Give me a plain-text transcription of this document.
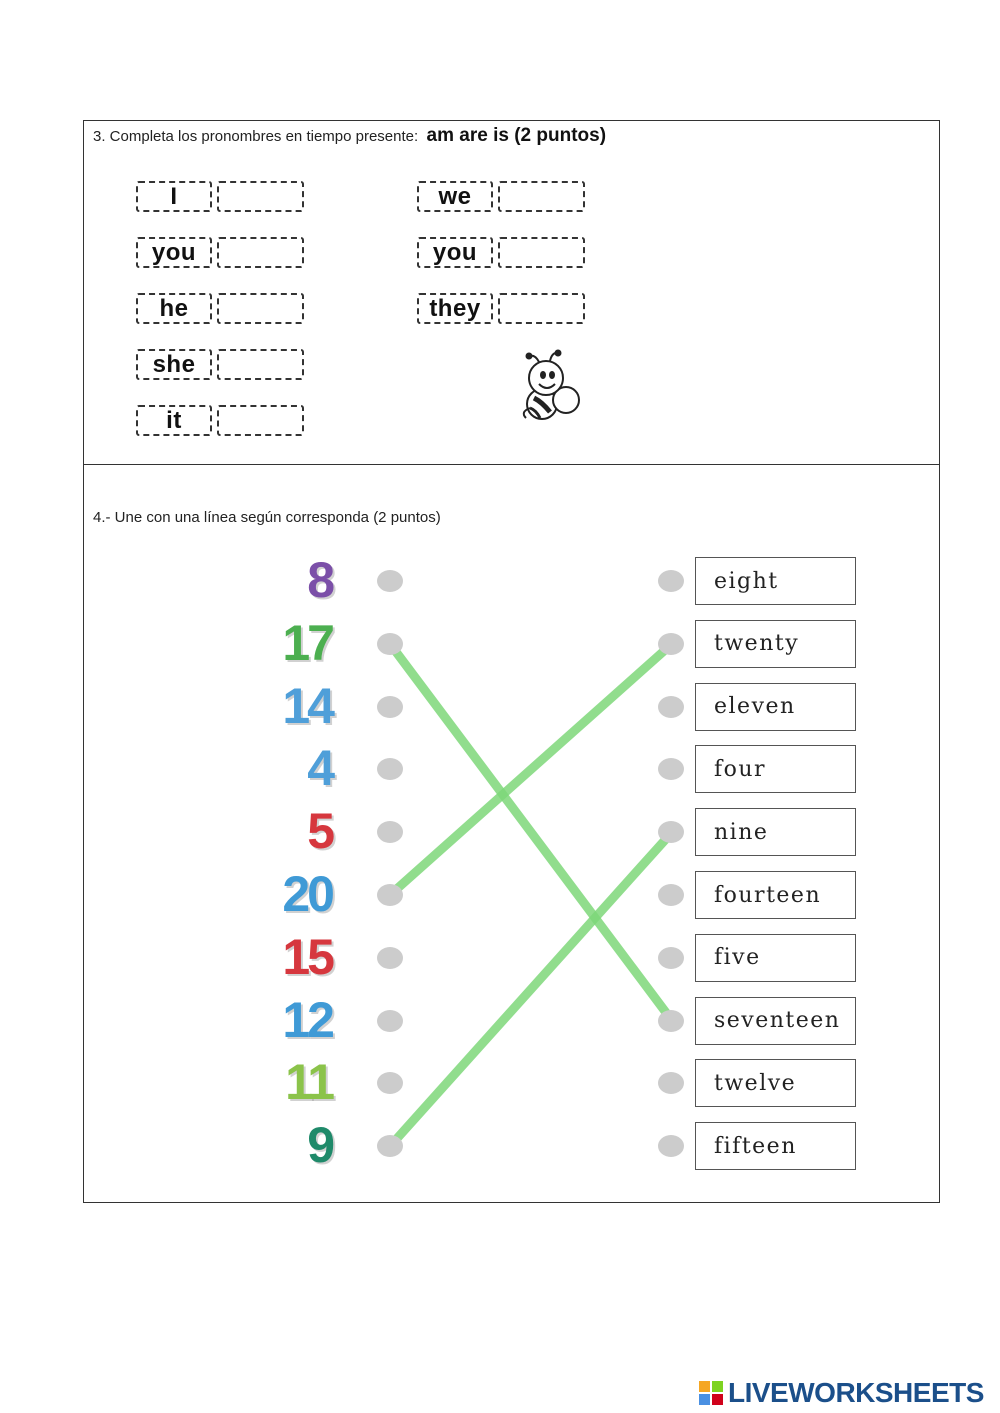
3. Completa los pronombres en tiempo presente: am are is (2 puntos)
4.- Une con una línea según corresponda (2 puntos)
LIVEWORKSHEETS
I
you
he
she
it
we
you
they
8
17
14
4
5
20
15
12
11
9
eight
twenty
eleven
four
nine
fourteen
five
seventeen
twelve
fifteen
